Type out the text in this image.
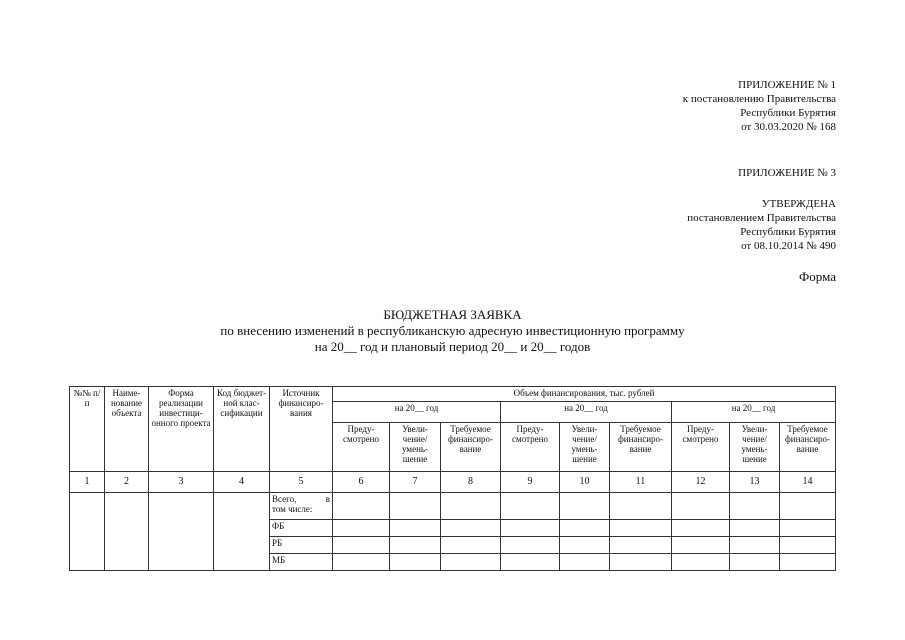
ПРИЛОЖЕНИЕ № 1
к постановлению Правительства
Республики Бурятия
от 30.03.2020 № 168
ПРИЛОЖЕНИЕ № 3
УТВЕРЖДЕНА
постановлением Правительства
Республики Бурятия
от 08.10.2014 № 490
Форма
БЮДЖЕТНАЯ ЗАЯВКА
по внесению изменений в республиканскую адресную инвестиционную программу
на 20__ год и плановый период 20__ и 20__ годов
№№ п/п	Наиме-нование объекта	Форма реализации инвестици-онного проекта	Код бюджет-ной клас-сификации	Источник финансиро-вания	Объем финансирования, тыс. рублей								
					на 20__ год			на 20__ год			на 20__ год		
					Преду-смотрено	Увели-чение/ умень-шение	Требуемое финансиро-вание	Преду-смотрено	Увели-чение/ умень-шение	Требуемое финансиро-вание	Преду-смотрено	Увели-чение/ умень-шение	Требуемое финансиро-вание
1	2	3	4	5	6	7	8	9	10	11	12	13	14

				Всего, в
том числе:									

				ФБ									
				РБ									
				МБ									
